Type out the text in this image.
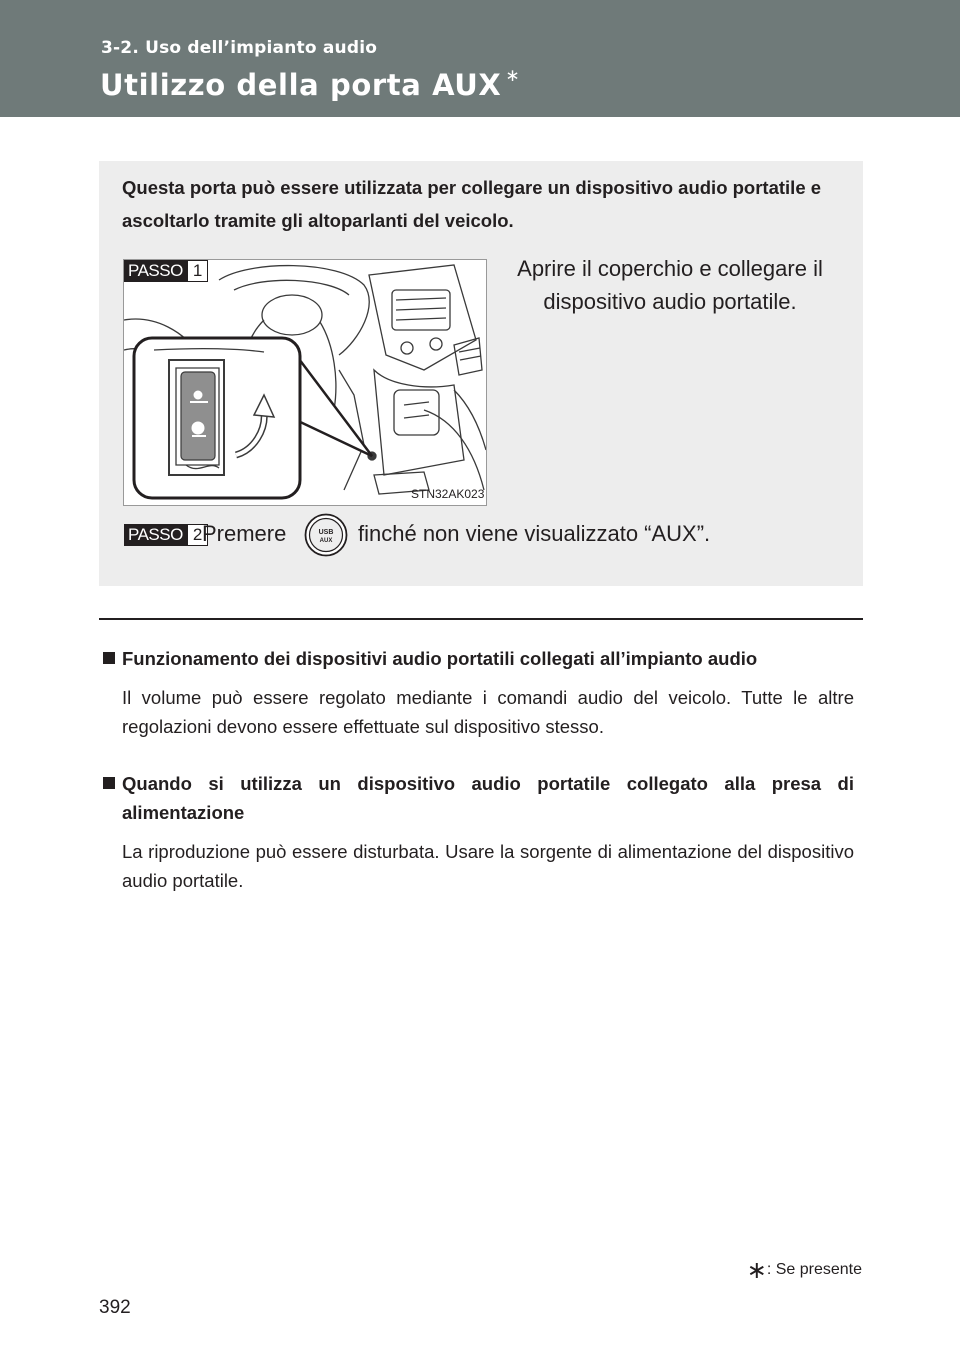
3-2. Uso dell’impianto audio
Utilizzo della porta AUX ∗
Questa porta può essere utilizzata per collegare un dispositivo audio portatile e ascoltarlo tramite gli altoparlanti del veicolo.
PASSO 1
STN32AK023
Aprire il coperchio e collegare il dispositivo audio portatile.
PASSO 2 Premere	USB
AUX finché non viene visualizzato “AUX”.
Funzionamento dei dispositivi audio portatili collegati all’impianto audio
Il volume può essere regolato mediante i comandi audio del veicolo. Tutte le altre regolazioni devono essere effettuate sul dispositivo stesso.
Quando si utilizza un dispositivo audio portatile collegato alla presa di alimentazione
La riproduzione può essere disturbata. Usare la sorgente di alimentazione del dispositivo audio portatile.
∗: Se presente
392
